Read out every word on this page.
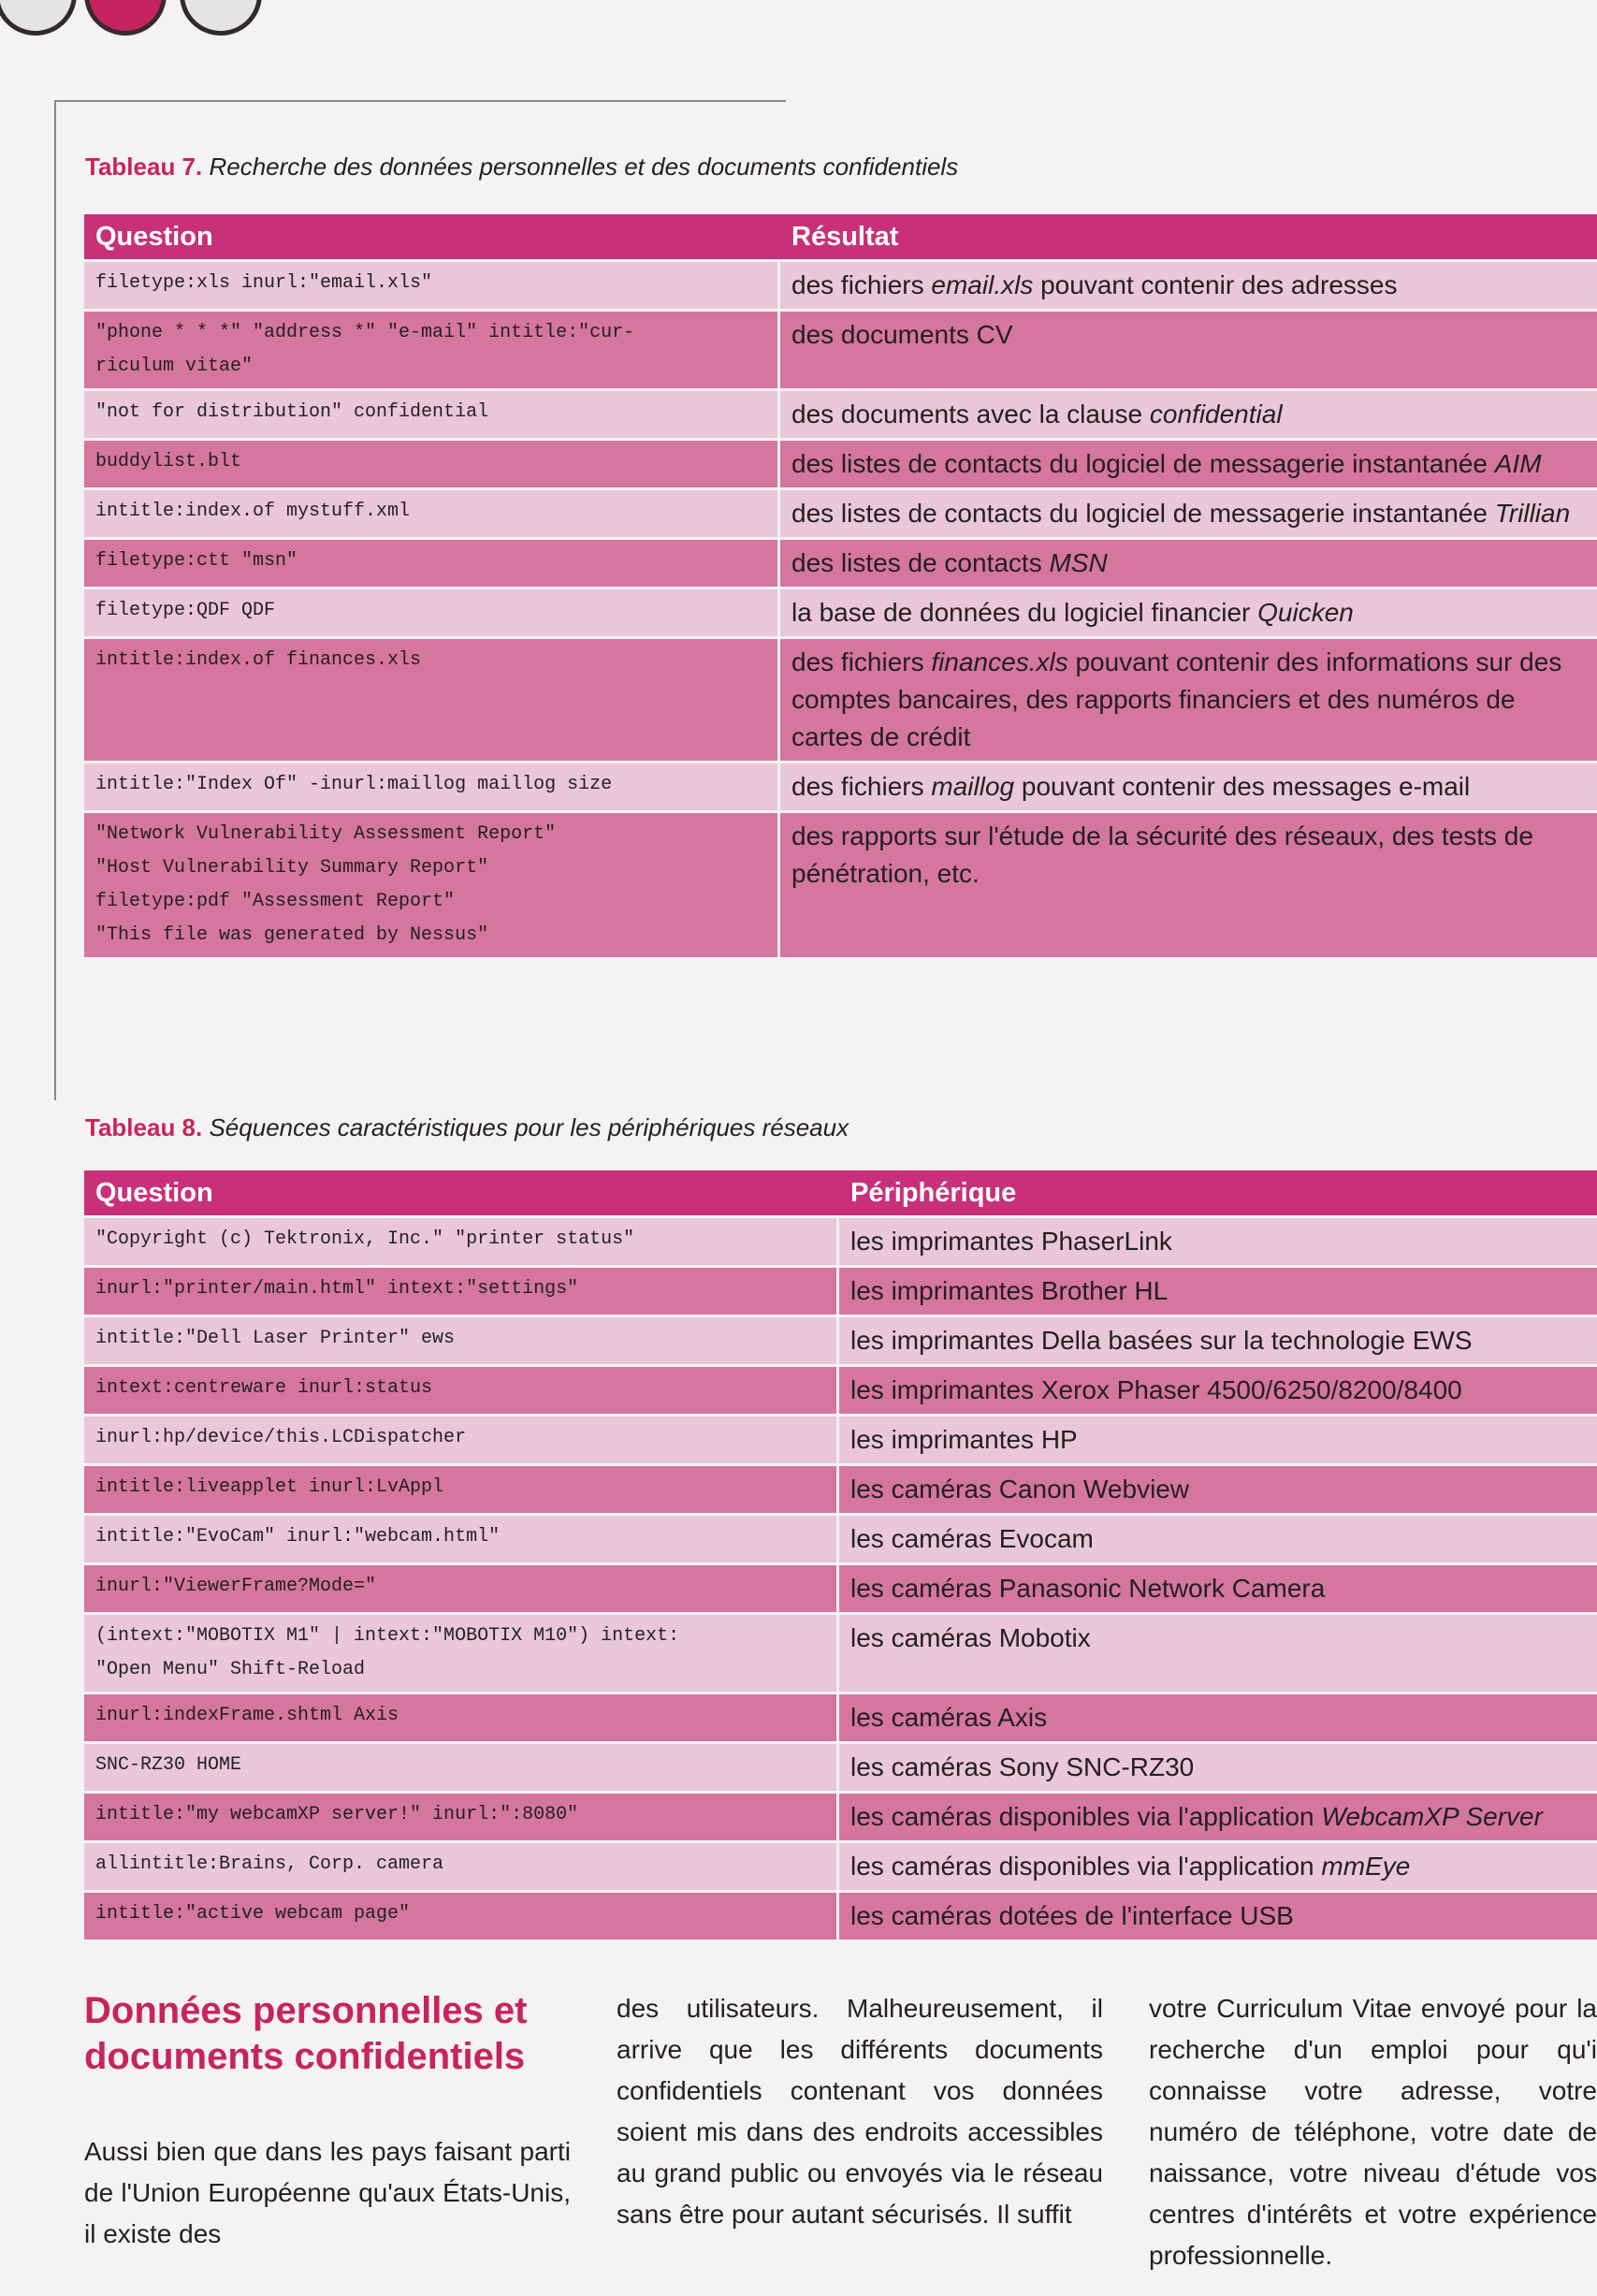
Tableau 7. Recherche des données personnelles et des documents confidentiels
Question	Résultat
filetype:xls inurl:"email.xls"	des fichiers email.xls pouvant contenir des adresses
"phone * * *" "address *" "e-mail" intitle:"cur-
riculum vitae"	des documents CV
"not for distribution" confidential	des documents avec la clause confidential
buddylist.blt	des listes de contacts du logiciel de messagerie instantanée AIM
intitle:index.of mystuff.xml	des listes de contacts du logiciel de messagerie instantanée Trillian
filetype:ctt "msn"	des listes de contacts MSN
filetype:QDF QDF	la base de données du logiciel financier Quicken
intitle:index.of finances.xls	des fichiers finances.xls pouvant contenir des informations sur des comptes bancaires, des rapports financiers et des numéros de cartes de crédit
intitle:"Index Of" -inurl:maillog maillog size	des fichiers maillog pouvant contenir des messages e-mail
"Network Vulnerability Assessment Report"
"Host Vulnerability Summary Report"
filetype:pdf "Assessment Report"
"This file was generated by Nessus"	des rapports sur l'étude de la sécurité des réseaux, des tests de pénétration, etc.
Tableau 8. Séquences caractéristiques pour les périphériques réseaux
Question	Périphérique
"Copyright (c) Tektronix, Inc." "printer status"	les imprimantes PhaserLink
inurl:"printer/main.html" intext:"settings"	les imprimantes Brother HL
intitle:"Dell Laser Printer" ews	les imprimantes Della basées sur la technologie EWS
intext:centreware inurl:status	les imprimantes Xerox Phaser 4500/6250/8200/8400
inurl:hp/device/this.LCDispatcher	les imprimantes HP
intitle:liveapplet inurl:LvAppl	les caméras Canon Webview
intitle:"EvoCam" inurl:"webcam.html"	les caméras Evocam
inurl:"ViewerFrame?Mode="	les caméras Panasonic Network Camera
(intext:"MOBOTIX M1" | intext:"MOBOTIX M10") intext:
"Open Menu" Shift-Reload	les caméras Mobotix
inurl:indexFrame.shtml Axis	les caméras Axis
SNC-RZ30 HOME	les caméras Sony SNC-RZ30
intitle:"my webcamXP server!" inurl:":8080"	les caméras disponibles via l'application WebcamXP Server
allintitle:Brains, Corp. camera	les caméras disponibles via l'application mmEye
intitle:"active webcam page"	les caméras dotées de l'interface USB
Données personnelles et documents confidentiels
Aussi bien que dans les pays faisant parti de l'Union Européenne qu'aux États-Unis, il existe des
des utilisateurs. Malheureusement, il arrive que les différents documents confidentiels contenant vos données soient mis dans des endroits accessibles au grand public ou envoyés via le réseau sans être pour autant sécurisés. Il suffit
votre Curriculum Vitae envoyé pour la recherche d'un emploi pour qu'i connaisse votre adresse, votre numéro de téléphone, votre date de naissance, votre niveau d'étude vos centres d'intérêts et votre expérience professionnelle.
